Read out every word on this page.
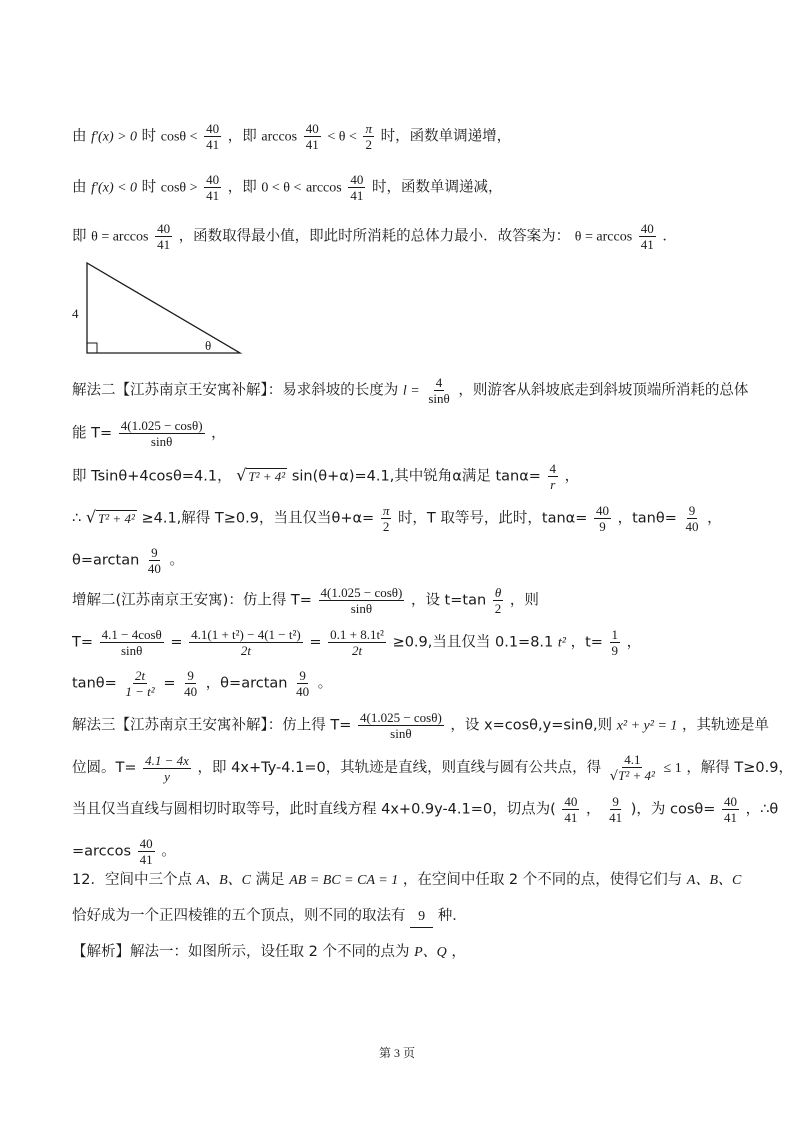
由 f′(x) > 0 时 $\cos\theta < \frac{40}{41}$ ，即 $\arccos \frac{40}{41} < \theta < \frac{\pi}{2}$ 时，函数单调递增，
由 f′(x) < 0 时 $\cos\theta > \frac{40}{41}$ ，即 $0 < \theta < \arccos \frac{40}{41}$ 时，函数单调递减，
即 $\theta = \arccos \frac{40}{41}$ ，函数取得最小值，即此时所消耗的总体力最小．故答案为： $\theta = \arccos \frac{40}{41}$ ．
4
θ
解法二【江苏南京王安寓补解】：易求斜坡的长度为 $l = \frac{4}{\sin\theta}$ ，则游客从斜坡底走到斜坡顶端所消耗的总体
能 $T= \frac{4(1.025 - \cos\theta)}{\sin\theta}$ ，
即 Tsinθ+4cosθ=4.1， √ T² + 4² sin(θ+α)=4.1,其中锐角α满足 $\tan\alpha= \frac{4}{r}$ ，
∴ √ T² + 4² ≥4.1,解得 T≥0.9，当且仅当$\theta+\alpha= \frac{\pi}{2}$ 时，T 取等号，此时，$\tan\alpha= \frac{40}{9}$ ，$\tan\theta= \frac{9}{40}$ ，
$\theta=\arctan \frac{9}{40}$ 。
增解二(江苏南京王安寓)：仿上得 $T= \frac{4(1.025 - \cos\theta)}{\sin\theta}$ ，设 $t=\tan \frac{\theta}{2}$ ，则
$T= \frac{4.1 - 4\cos\theta}{\sin\theta} = \frac{\text{4.1(1 + t²) − 4(1 − t²)}}{2t} = \frac{\text{0.1 + 8.1t²}}{2t} \ge 0.9$,当且仅当 0.1=8.1 t² ，$t= \frac{1}{9}$ ，
$\tan\theta= \frac{2t}{\text{1 − t²}} = \frac{9}{40}$ ，$\theta=\arctan \frac{9}{40}$ 。
解法三【江苏南京王安寓补解】：仿上得 $T= \frac{4(1.025 - \cos\theta)}{\sin\theta}$ ，设 x=cosθ,y=sinθ,则 x² + y² = 1 ，其轨迹是单
位圆。$T= \frac{4.1 - 4x}{y}$ ，即 4x+Ty-4.1=0，其轨迹是直线，则直线与圆有公共点，得 $\frac{4.1}{\text{√T² + 4²}} \le 1$ ，解得 T≥0.9，
当且仅当直线与圆相切时取等号，此时直线方程 4x+0.9y-4.1=0，切点为( $\frac{40}{41}$ ， $\frac{9}{41}$ )，为 $\cos\theta= \frac{40}{41}$ ，∴θ
$=\arccos \frac{40}{41}$ 。
12．空间中三个点 A、B、C 满足 AB = BC = CA = 1 ，在空间中任取 2 个不同的点，使得它们与 A、B、C
恰好成为一个正四棱锥的五个顶点，则不同的取法有 9 种．
【解析】解法一：如图所示，设任取 2 个不同的点为 P、Q ，
第 3 页
